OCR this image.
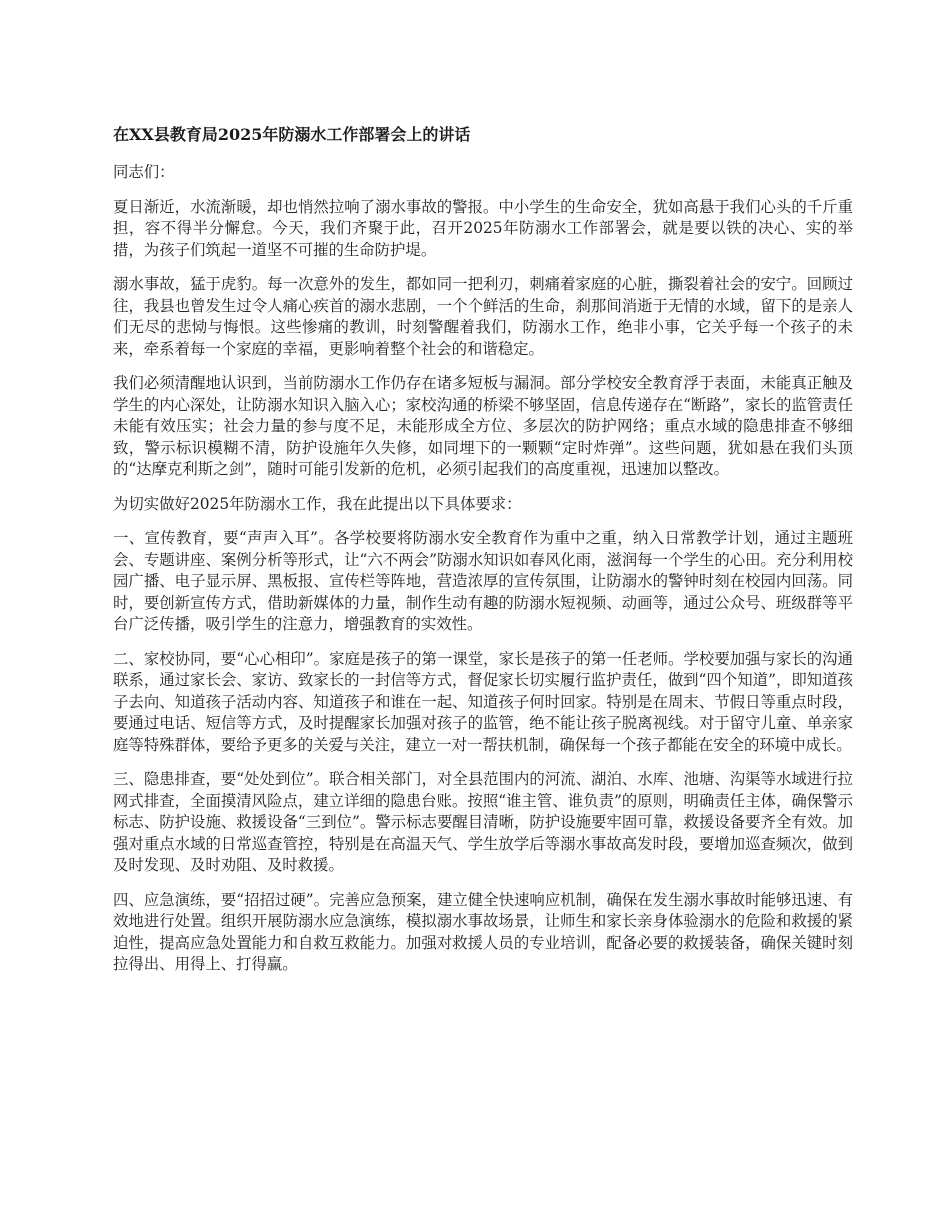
在XX县教育局2025年防溺水工作部署会上的讲话
同志们：

夏日渐近，水流渐暖，却也悄然拉响了溺水事故的警报。中小学生的生命安全，犹如高悬于我们心头的千斤重担，容不得半分懈怠。今天，我们齐聚于此，召开2025年防溺水工作部署会，就是要以铁的决心、实的举措，为孩子们筑起一道坚不可摧的生命防护堤。

溺水事故，猛于虎豹。每一次意外的发生，都如同一把利刃，刺痛着家庭的心脏，撕裂着社会的安宁。回顾过往，我县也曾发生过令人痛心疾首的溺水悲剧，一个个鲜活的生命，刹那间消逝于无情的水域，留下的是亲人们无尽的悲恸与悔恨。这些惨痛的教训，时刻警醒着我们，防溺水工作，绝非小事，它关乎每一个孩子的未来，牵系着每一个家庭的幸福，更影响着整个社会的和谐稳定。

我们必须清醒地认识到，当前防溺水工作仍存在诸多短板与漏洞。部分学校安全教育浮于表面，未能真正触及学生的内心深处，让防溺水知识入脑入心；家校沟通的桥梁不够坚固，信息传递存在“断路”，家长的监管责任未能有效压实；社会力量的参与度不足，未能形成全方位、多层次的防护网络；重点水域的隐患排查不够细致，警示标识模糊不清，防护设施年久失修，如同埋下的一颗颗“定时炸弹”。这些问题，犹如悬在我们头顶的“达摩克利斯之剑”，随时可能引发新的危机，必须引起我们的高度重视，迅速加以整改。

为切实做好2025年防溺水工作，我在此提出以下具体要求：

一、宣传教育，要“声声入耳”。各学校要将防溺水安全教育作为重中之重，纳入日常教学计划，通过主题班会、专题讲座、案例分析等形式，让“六不两会”防溺水知识如春风化雨，滋润每一个学生的心田。充分利用校园广播、电子显示屏、黑板报、宣传栏等阵地，营造浓厚的宣传氛围，让防溺水的警钟时刻在校园内回荡。同时，要创新宣传方式，借助新媒体的力量，制作生动有趣的防溺水短视频、动画等，通过公众号、班级群等平台广泛传播，吸引学生的注意力，增强教育的实效性。

二、家校协同，要“心心相印”。家庭是孩子的第一课堂，家长是孩子的第一任老师。学校要加强与家长的沟通联系，通过家长会、家访、致家长的一封信等方式，督促家长切实履行监护责任，做到“四个知道”，即知道孩子去向、知道孩子活动内容、知道孩子和谁在一起、知道孩子何时回家。特别是在周末、节假日等重点时段，要通过电话、短信等方式，及时提醒家长加强对孩子的监管，绝不能让孩子脱离视线。对于留守儿童、单亲家庭等特殊群体，要给予更多的关爱与关注，建立一对一帮扶机制，确保每一个孩子都能在安全的环境中成长。

三、隐患排查，要“处处到位”。联合相关部门，对全县范围内的河流、湖泊、水库、池塘、沟渠等水域进行拉网式排查，全面摸清风险点，建立详细的隐患台账。按照“谁主管、谁负责”的原则，明确责任主体，确保警示标志、防护设施、救援设备“三到位”。警示标志要醒目清晰，防护设施要牢固可靠，救援设备要齐全有效。加强对重点水域的日常巡查管控，特别是在高温天气、学生放学后等溺水事故高发时段，要增加巡查频次，做到及时发现、及时劝阻、及时救援。

四、应急演练，要“招招过硬”。完善应急预案，建立健全快速响应机制，确保在发生溺水事故时能够迅速、有效地进行处置。组织开展防溺水应急演练，模拟溺水事故场景，让师生和家长亲身体验溺水的危险和救援的紧迫性，提高应急处置能力和自救互救能力。加强对救援人员的专业培训，配备必要的救援装备，确保关键时刻拉得出、用得上、打得赢。
